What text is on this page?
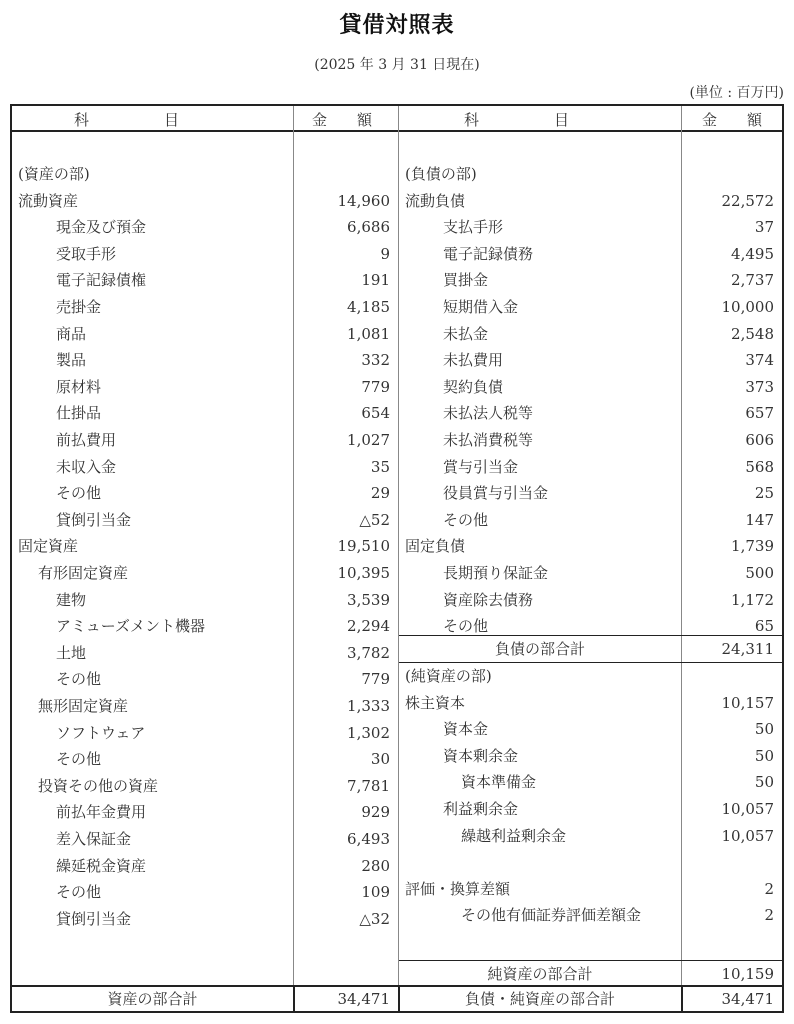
貸借対照表
(2025 年 3 月 31 日現在)
(単位 : 百万円)
科　　　　　目	金　　額	科　　　　　目	金　　額
(資産の部)
流動資産	14,960
現金及び預金	6,686
受取手形	9
電子記録債権	191
売掛金	4,185
商品	1,081
製品	332
原材料	779
仕掛品	654
前払費用	1,027
未収入金	35
その他	29
貸倒引当金	△52
固定資産	19,510
有形固定資産	10,395
建物	3,539
アミューズメント機器	2,294
土地	3,782
その他	779
無形固定資産	1,333
ソフトウェア	1,302
その他	30
投資その他の資産	7,781
前払年金費用	929
差入保証金	6,493
繰延税金資産	280
その他	109
貸倒引当金	△32
(負債の部)
流動負債	22,572
支払手形	37
電子記録債務	4,495
買掛金	2,737
短期借入金	10,000
未払金	2,548
未払費用	374
契約負債	373
未払法人税等	657
未払消費税等	606
賞与引当金	568
役員賞与引当金	25
その他	147
固定負債	1,739
長期預り保証金	500
資産除去債務	1,172
その他	65
(純資産の部)
株主資本	10,157
資本金	50
資本剰余金	50
資本準備金	50
利益剰余金	10,057
繰越利益剰余金	10,057
評価・換算差額	2
その他有価証券評価差額金	2
負債の部合計	24,311
純資産の部合計	10,159
資産の部合計	34,471	負債・純資産の部合計	34,471
